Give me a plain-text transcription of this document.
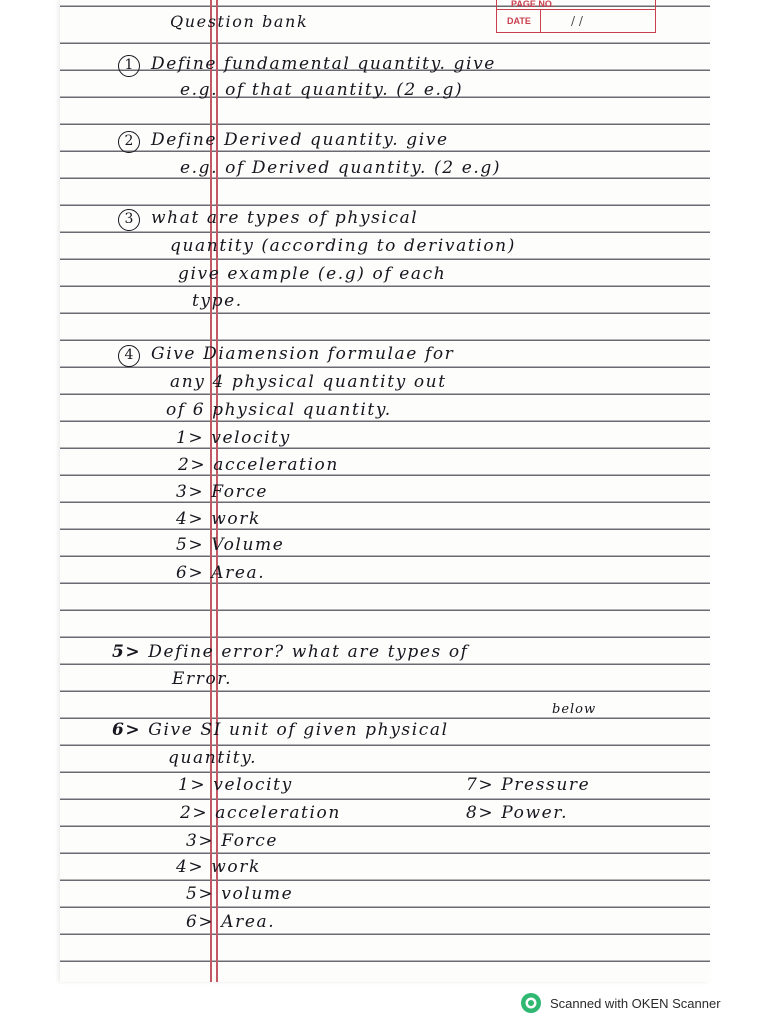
PAGE NO.
DATE	/ /
Question bank
1 Define fundamental quantity. give
e.g. of that quantity. (2 e.g)
2 Define Derived quantity. give
e.g. of Derived quantity. (2 e.g)
3 what are types of physical
quantity (according to derivation)
give example (e.g) of each
type.
4 Give Diamension formulae for
any 4 physical quantity out
of 6 physical quantity.
1> velocity
2> acceleration
3> Force
4> work
5> Volume
6> Area.
5> Define error? what are types of
Error.
below
6> Give SI unit of given physical
quantity.
1> velocity
2> acceleration
3> Force
4> work
5> volume
6> Area.
7> Pressure
8> Power.
Scanned with OKEN Scanner
